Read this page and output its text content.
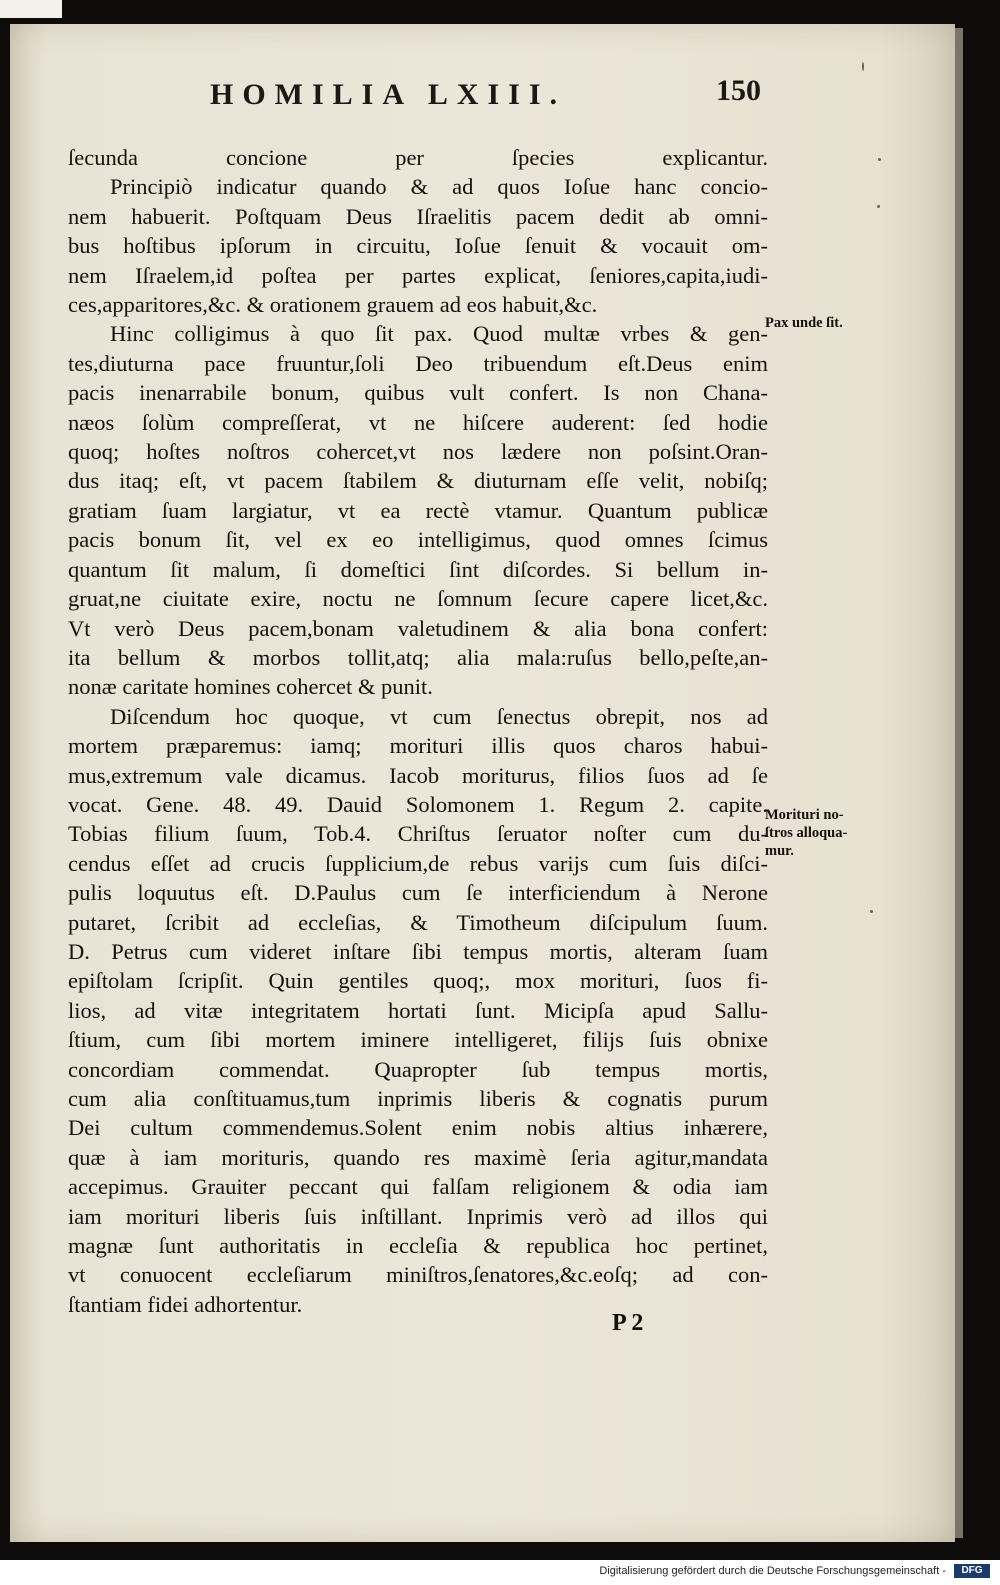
HOMILIA LXIII.	150
ſecunda concione per ſpecies explicantur.
Principiò indicatur quando & ad quos Ioſue hanc concio-
nem habuerit. Poſtquam Deus Iſraelitis pacem dedit ab omni-
bus hoſtibus ipſorum in circuitu, Ioſue ſenuit & vocauit om-
nem Iſraelem,id poſtea per partes explicat, ſeniores,capita,iudi-
ces,apparitores,&c. & orationem grauem ad eos habuit,&c.
Hinc colligimus à quo ſit pax. Quod multæ vrbes & gen-
tes,diuturna pace fruuntur,ſoli Deo tribuendum eſt.Deus enim
pacis inenarrabile bonum, quibus vult confert. Is non Chana-
næos ſolùm compreſſerat, vt ne hiſcere auderent: ſed hodie
quoq; hoſtes noſtros cohercet,vt nos lædere non poſsint.Oran-
dus itaq; eſt, vt pacem ſtabilem & diuturnam eſſe velit, nobiſq;
gratiam ſuam largiatur, vt ea rectè vtamur. Quantum publicæ
pacis bonum ſit, vel ex eo intelligimus, quod omnes ſcimus
quantum ſit malum, ſi domeſtici ſint diſcordes. Si bellum in-
gruat,ne ciuitate exire, noctu ne ſomnum ſecure capere licet,&c.
Vt verò Deus pacem,bonam valetudinem & alia bona confert:
ita bellum & morbos tollit,atq; alia mala:ruſus bello,peſte,an-
nonæ caritate homines cohercet & punit.
Diſcendum hoc quoque, vt cum ſenectus obrepit, nos ad
mortem præparemus: iamq; morituri illis quos charos habui-
mus,extremum vale dicamus. Iacob moriturus, filios ſuos ad ſe
vocat. Gene. 48. 49. Dauid Solomonem 1. Regum 2. capite.
Tobias filium ſuum, Tob.4. Chriſtus ſeruator noſter cum du-
cendus eſſet ad crucis ſupplicium,de rebus varijs cum ſuis diſci-
pulis loquutus eſt. D.Paulus cum ſe interficiendum à Nerone
putaret, ſcribit ad eccleſias, & Timotheum diſcipulum ſuum.
D. Petrus cum videret inſtare ſibi tempus mortis, alteram ſuam
epiſtolam ſcripſit. Quin gentiles quoq;, mox morituri, ſuos fi-
lios, ad vitæ integritatem hortati ſunt. Micipſa apud Sallu-
ſtium, cum ſibi mortem iminere intelligeret, filijs ſuis obnixe
concordiam commendat. Quapropter ſub tempus mortis,
cum alia conſtituamus,tum inprimis liberis & cognatis purum
Dei cultum commendemus.Solent enim nobis altius inhærere,
quæ à iam morituris, quando res maximè ſeria agitur,mandata
accepimus. Grauiter peccant qui falſam religionem & odia iam
iam morituri liberis ſuis inſtillant. Inprimis verò ad illos qui
magnæ ſunt authoritatis in eccleſia & republica hoc pertinet,
vt conuocent eccleſiarum miniſtros,ſenatores,&c.eoſq; ad con-
ſtantiam fidei adhortentur.
Pax unde ſit.
Morituri no-
ſtros alloqua-
mur.
P 2
Digitalisierung gefördert durch die Deutsche Forschungsgemeinschaft -	DFG
